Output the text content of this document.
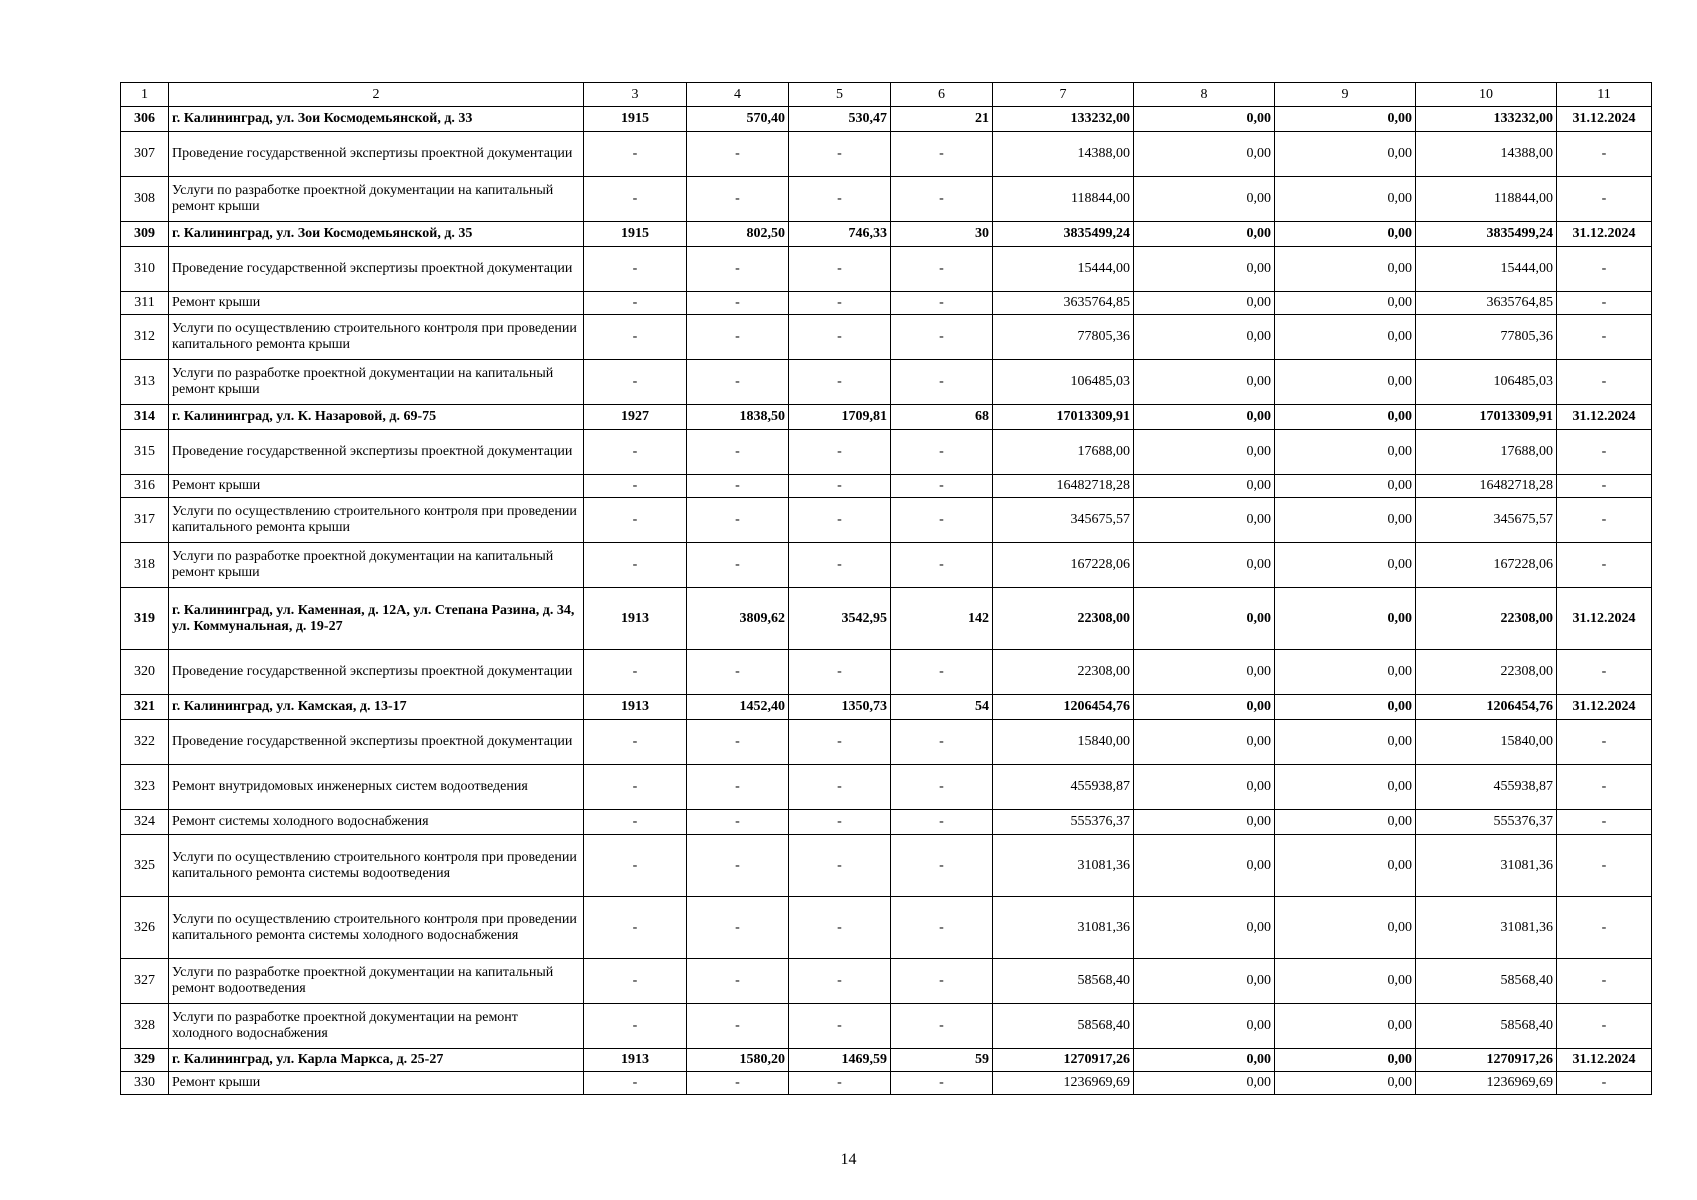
1	2	3	4	5	6	7	8	9	10	11
306	г. Калининград, ул. Зои Космодемьянской, д. 33	1915	570,40	530,47	21	133232,00	0,00	0,00	133232,00	31.12.2024
307	Проведение государственной экспертизы проектной документации	-	-	-	-	14388,00	0,00	0,00	14388,00	-
308	Услуги по разработке проектной документации на капитальный ремонт крыши	-	-	-	-	118844,00	0,00	0,00	118844,00	-
309	г. Калининград, ул. Зои Космодемьянской, д. 35	1915	802,50	746,33	30	3835499,24	0,00	0,00	3835499,24	31.12.2024
310	Проведение государственной экспертизы проектной документации	-	-	-	-	15444,00	0,00	0,00	15444,00	-
311	Ремонт крыши	-	-	-	-	3635764,85	0,00	0,00	3635764,85	-
312	Услуги по осуществлению строительного контроля при проведении капитального ремонта крыши	-	-	-	-	77805,36	0,00	0,00	77805,36	-
313	Услуги по разработке проектной документации на капитальный ремонт крыши	-	-	-	-	106485,03	0,00	0,00	106485,03	-
314	г. Калининград, ул. К. Назаровой, д. 69-75	1927	1838,50	1709,81	68	17013309,91	0,00	0,00	17013309,91	31.12.2024
315	Проведение государственной экспертизы проектной документации	-	-	-	-	17688,00	0,00	0,00	17688,00	-
316	Ремонт крыши	-	-	-	-	16482718,28	0,00	0,00	16482718,28	-
317	Услуги по осуществлению строительного контроля при проведении капитального ремонта крыши	-	-	-	-	345675,57	0,00	0,00	345675,57	-
318	Услуги по разработке проектной документации на капитальный ремонт крыши	-	-	-	-	167228,06	0,00	0,00	167228,06	-
319	г. Калининград, ул. Каменная, д. 12А, ул. Степана Разина, д. 34, ул. Коммунальная, д. 19-27	1913	3809,62	3542,95	142	22308,00	0,00	0,00	22308,00	31.12.2024
320	Проведение государственной экспертизы проектной документации	-	-	-	-	22308,00	0,00	0,00	22308,00	-
321	г. Калининград, ул. Камская, д. 13-17	1913	1452,40	1350,73	54	1206454,76	0,00	0,00	1206454,76	31.12.2024
322	Проведение государственной экспертизы проектной документации	-	-	-	-	15840,00	0,00	0,00	15840,00	-
323	Ремонт внутридомовых инженерных систем водоотведения	-	-	-	-	455938,87	0,00	0,00	455938,87	-
324	Ремонт системы холодного водоснабжения	-	-	-	-	555376,37	0,00	0,00	555376,37	-
325	Услуги по осуществлению строительного контроля при проведении капитального ремонта системы водоотведения	-	-	-	-	31081,36	0,00	0,00	31081,36	-
326	Услуги по осуществлению строительного контроля при проведении капитального ремонта системы холодного водоснабжения	-	-	-	-	31081,36	0,00	0,00	31081,36	-
327	Услуги по разработке проектной документации на капитальный ремонт водоотведения	-	-	-	-	58568,40	0,00	0,00	58568,40	-
328	Услуги по разработке проектной документации на ремонт холодного водоснабжения	-	-	-	-	58568,40	0,00	0,00	58568,40	-
329	г. Калининград, ул. Карла Маркса, д. 25-27	1913	1580,20	1469,59	59	1270917,26	0,00	0,00	1270917,26	31.12.2024
330	Ремонт крыши	-	-	-	-	1236969,69	0,00	0,00	1236969,69	-
14
